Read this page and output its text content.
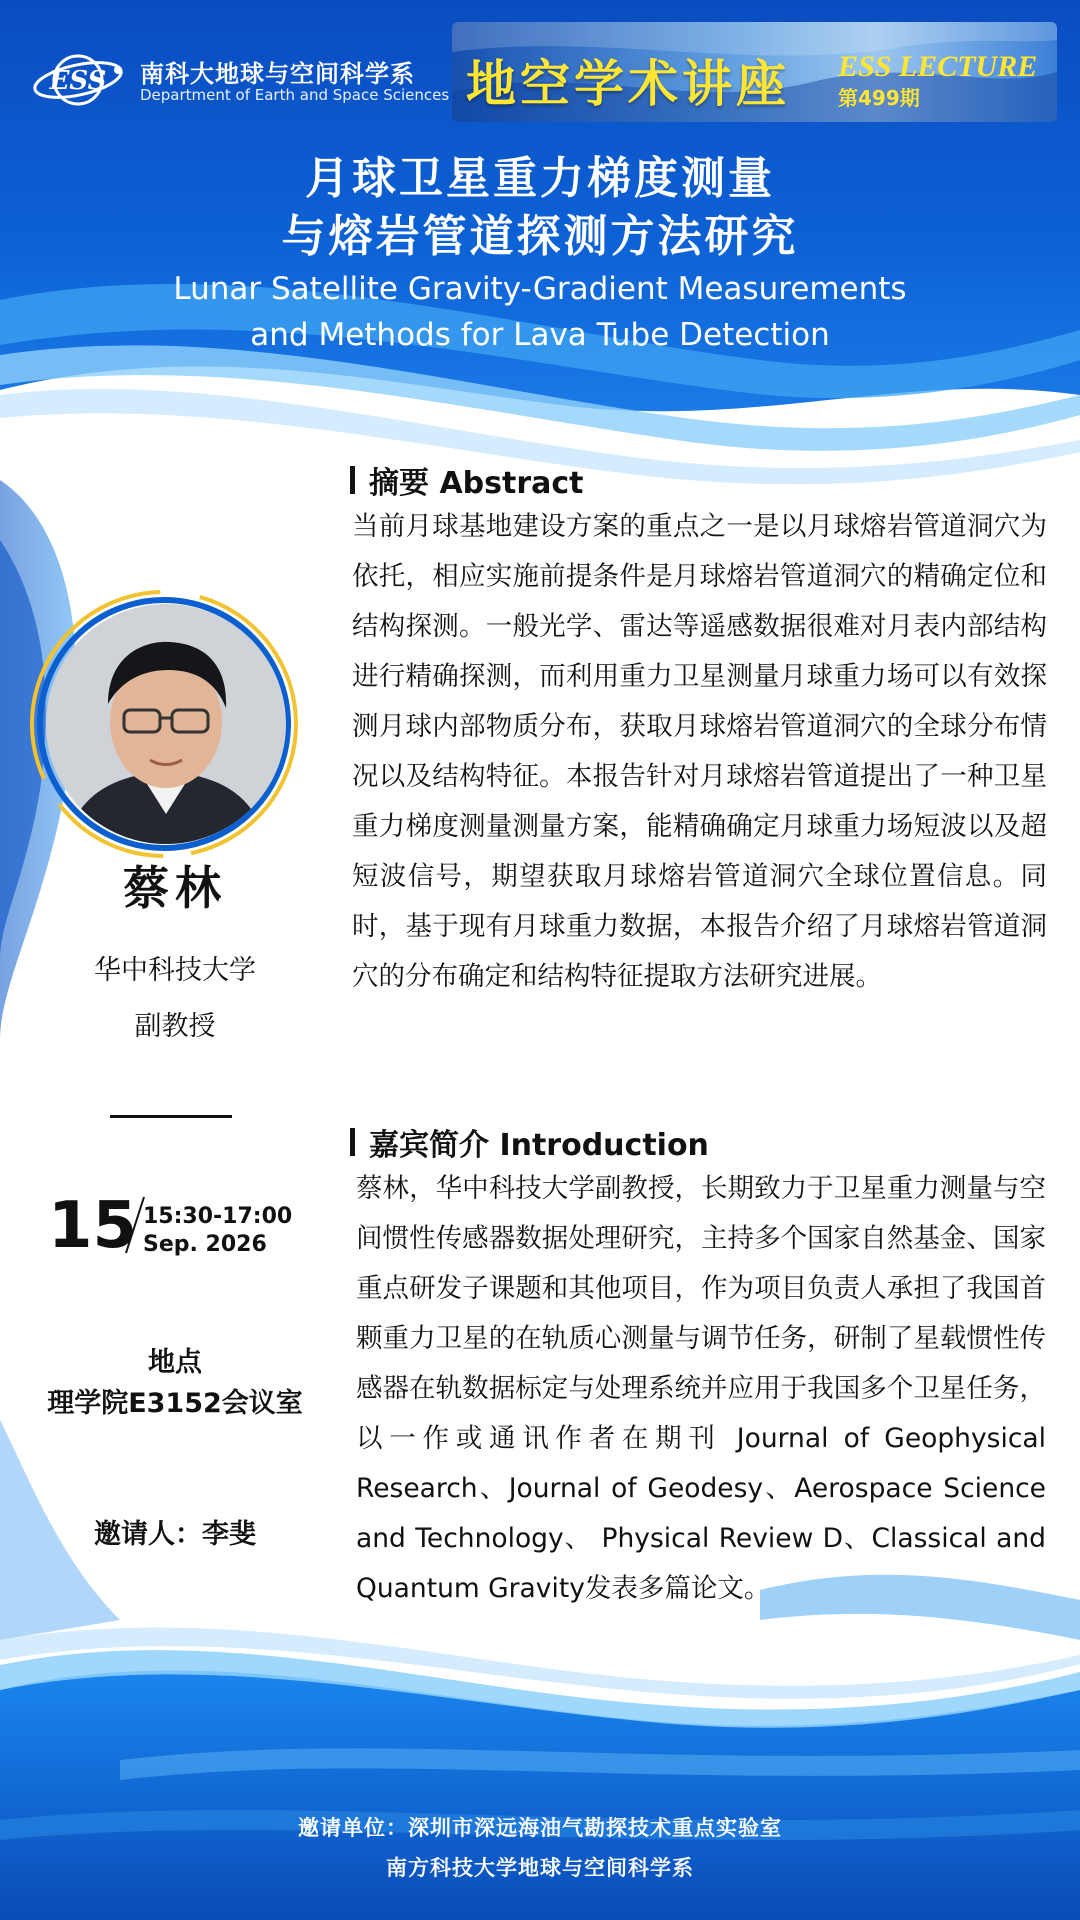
ESS 南科大地球与空间科学系
Department of Earth and Space Sciences 地空学术讲座 ESS LECTURE
第499期
月球卫星重力梯度测量
与熔岩管道探测方法研究
Lunar Satellite Gravity-Gradient Measurements
and Methods for Lava Tube Detection
蔡林
华中科技大学
副教授
15 15:30-17:00
Sep. 2026
地点
理学院E3152会议室
邀请人：李斐
摘要 Abstract
当前月球基地建设方案的重点之一是以月球熔岩管道洞穴为依托，相应实施前提条件是月球熔岩管道洞穴的精确定位和结构探测。一般光学、雷达等遥感数据很难对月表内部结构进行精确探测，而利用重力卫星测量月球重力场可以有效探测月球内部物质分布，获取月球熔岩管道洞穴的全球分布情况以及结构特征。本报告针对月球熔岩管道提出了一种卫星重力梯度测量测量方案，能精确确定月球重力场短波以及超短波信号，期望获取月球熔岩管道洞穴全球位置信息。同时，基于现有月球重力数据，本报告介绍了月球熔岩管道洞穴的分布确定和结构特征提取方法研究进展。
嘉宾简介 Introduction
蔡林，华中科技大学副教授，长期致力于卫星重力测量与空间惯性传感器数据处理研究，主持多个国家自然基金、国家重点研发子课题和其他项目，作为项目负责人承担了我国首颗重力卫星的在轨质心测量与调节任务，研制了星载惯性传感器在轨数据标定与处理系统并应用于我国多个卫星任务，以一作或通讯作者在期刊 Journal of Geophysical Research、Journal of Geodesy、Aerospace Science and Technology、 Physical Review D、Classical and Quantum Gravity发表多篇论文。
邀请单位：深圳市深远海油气勘探技术重点实验室
南方科技大学地球与空间科学系
